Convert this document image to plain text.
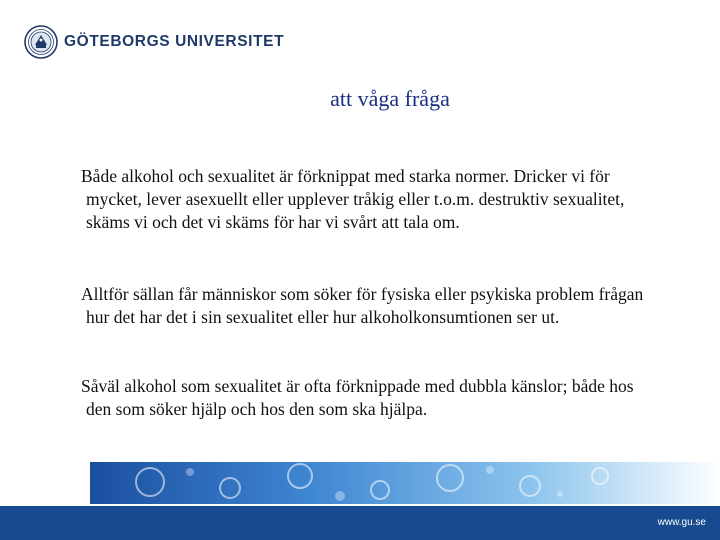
GÖTEBORGS UNIVERSITET
att våga fråga
Både alkohol och sexualitet är förknippat med starka normer. Dricker vi för mycket, lever asexuellt eller upplever tråkig eller t.o.m. destruktiv sexualitet, skäms vi och det vi skäms för har vi svårt att tala om.
Alltför sällan får människor som söker för fysiska eller psykiska problem frågan hur det har det i sin sexualitet eller hur alkoholkonsumtionen ser ut.
Såväl alkohol som sexualitet är ofta förknippade med dubbla känslor; både hos den som söker hjälp och hos den som ska hjälpa.
www.gu.se
